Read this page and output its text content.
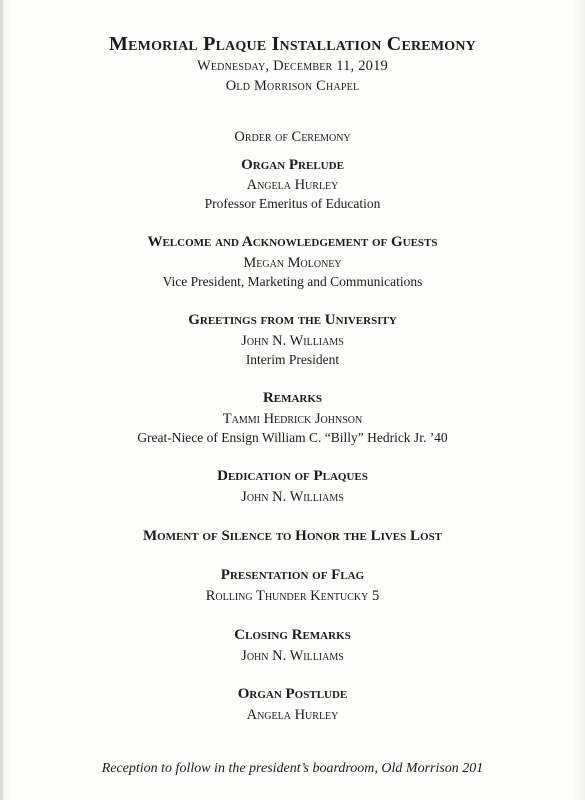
Memorial Plaque Installation Ceremony
Wednesday, December 11, 2019
Old Morrison Chapel
Order of Ceremony
Organ Prelude
Angela Hurley
Professor Emeritus of Education
Welcome and Acknowledgement of Guests
Megan Moloney
Vice President, Marketing and Communications
Greetings from the University
John N. Williams
Interim President
Remarks
Tammi Hedrick Johnson
Great-Niece of Ensign William C. “Billy” Hedrick Jr. ’40
Dedication of Plaques
John N. Williams
Moment of Silence to Honor the Lives Lost
Presentation of Flag
Rolling Thunder Kentucky 5
Closing Remarks
John N. Williams
Organ Postlude
Angela Hurley
Reception to follow in the president’s boardroom, Old Morrison 201
